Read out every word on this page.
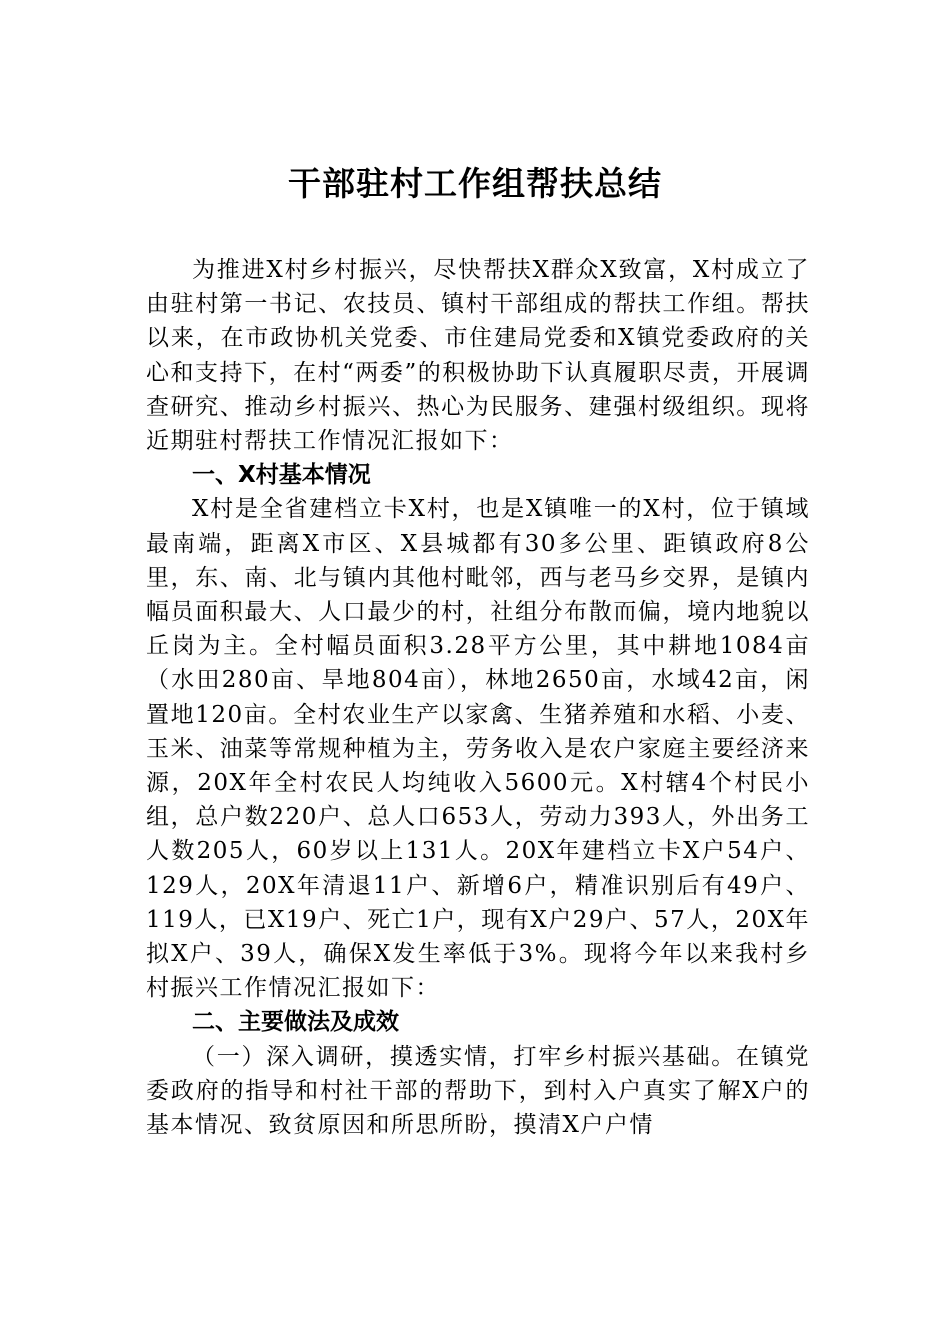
干部驻村工作组帮扶总结

为推进X村乡村振兴，尽快帮扶X群众X致富，X村成立了由驻村第一书记、农技员、镇村干部组成的帮扶工作组。帮扶以来，在市政协机关党委、市住建局党委和X镇党委政府的关心和支持下，在村“两委”的积极协助下认真履职尽责，开展调查研究、推动乡村振兴、热心为民服务、建强村级组织。现将近期驻村帮扶工作情况汇报如下：

一、X村基本情况

X村是全省建档立卡X村，也是X镇唯一的X村，位于镇域最南端，距离X市区、X县城都有30多公里、距镇政府8公里，东、南、北与镇内其他村毗邻，西与老马乡交界，是镇内幅员面积最大、人口最少的村，社组分布散而偏，境内地貌以丘岗为主。全村幅员面积3.28平方公里，其中耕地1084亩（水田280亩、旱地804亩），林地2650亩，水域42亩，闲置地120亩。全村农业生产以家禽、生猪养殖和水稻、小麦、玉米、油菜等常规种植为主，劳务收入是农户家庭主要经济来源，20X年全村农民人均纯收入5600元。X村辖4个村民小组，总户数220户、总人口653人，劳动力393人，外出务工人数205人，60岁以上131人。20X年建档立卡X户54户、129人，20X年清退11户、新增6户，精准识别后有49户、119人，已X19户、死亡1户，现有X户29户、57人，20X年拟X户、39人，确保X发生率低于3%。现将今年以来我村乡村振兴工作情况汇报如下：

二、主要做法及成效

（一）深入调研，摸透实情，打牢乡村振兴基础。在镇党委政府的指导和村社干部的帮助下，到村入户真实了解X户的基本情况、致贫原因和所思所盼，摸清X户户情
